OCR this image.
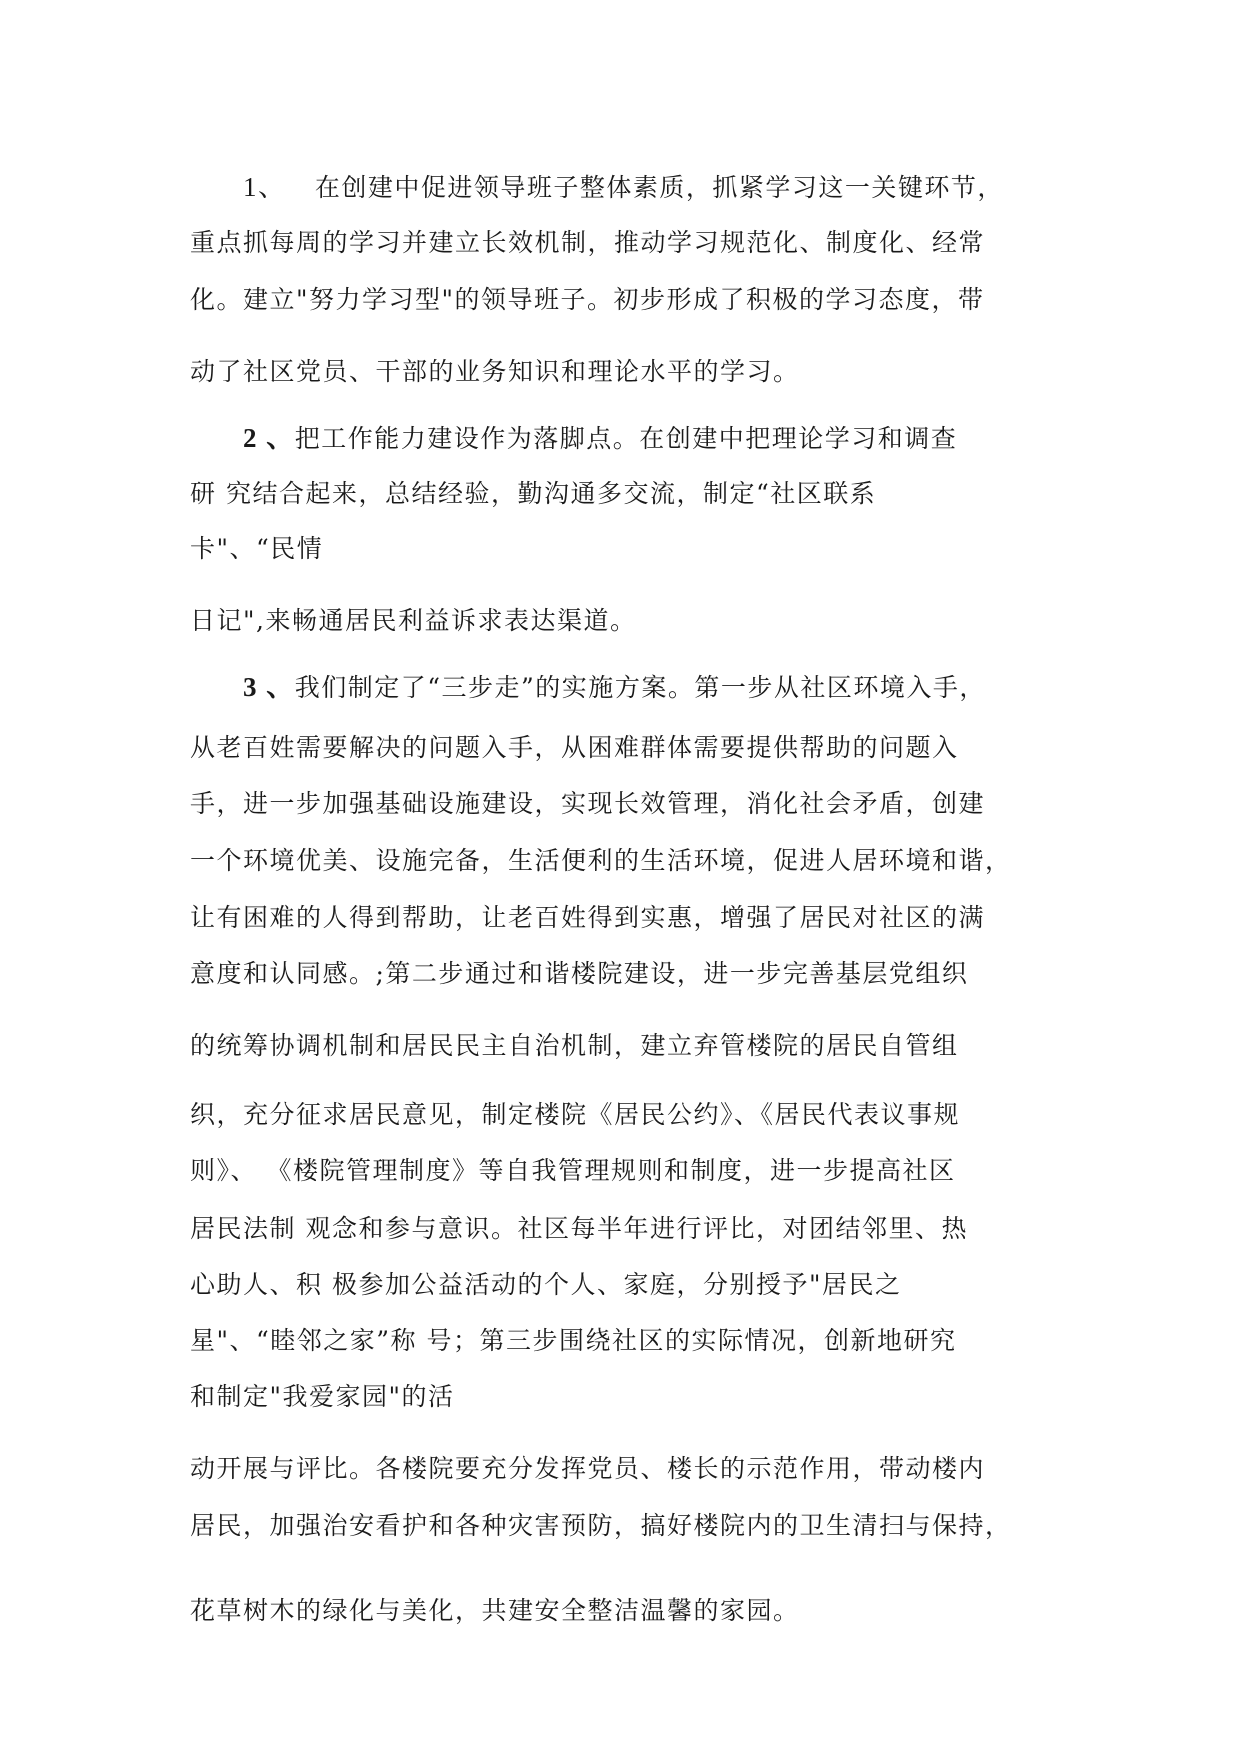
1、 在创建中促进领导班子整体素质，抓紧学习这一关键环节，
重点抓每周的学习并建立长效机制，推动学习规范化、制度化、经常
化。建立"努力学习型"的领导班子。初步形成了积极的学习态度，带
动了社区党员、干部的业务知识和理论水平的学习。
2 、把工作能力建设作为落脚点。在创建中把理论学习和调查
研 究结合起来，总结经验，勤沟通多交流，制定“社区联系
卡"、“民情
日记",来畅通居民利益诉求表达渠道。
3 、我们制定了“三步走”的实施方案。第一步从社区环境入手，
从老百姓需要解决的问题入手，从困难群体需要提供帮助的问题入
手，进一步加强基础设施建设，实现长效管理，消化社会矛盾，创建
一个环境优美、设施完备，生活便利的生活环境，促进人居环境和谐，
让有困难的人得到帮助，让老百姓得到实惠，增强了居民对社区的满
意度和认同感。;第二步通过和谐楼院建设，进一步完善基层党组织
的统筹协调机制和居民民主自治机制，建立弃管楼院的居民自管组
织，充分征求居民意见，制定楼院《居民公约》、《居民代表议事规
则》、 《楼院管理制度》等自我管理规则和制度，进一步提高社区
居民法制 观念和参与意识。社区每半年进行评比，对团结邻里、热
心助人、积 极参加公益活动的个人、家庭，分别授予"居民之
星"、“睦邻之家”称 号；第三步围绕社区的实际情况，创新地研究
和制定"我爱家园"的活
动开展与评比。各楼院要充分发挥党员、楼长的示范作用，带动楼内
居民，加强治安看护和各种灾害预防，搞好楼院内的卫生清扫与保持，
花草树木的绿化与美化，共建安全整洁温馨的家园。
